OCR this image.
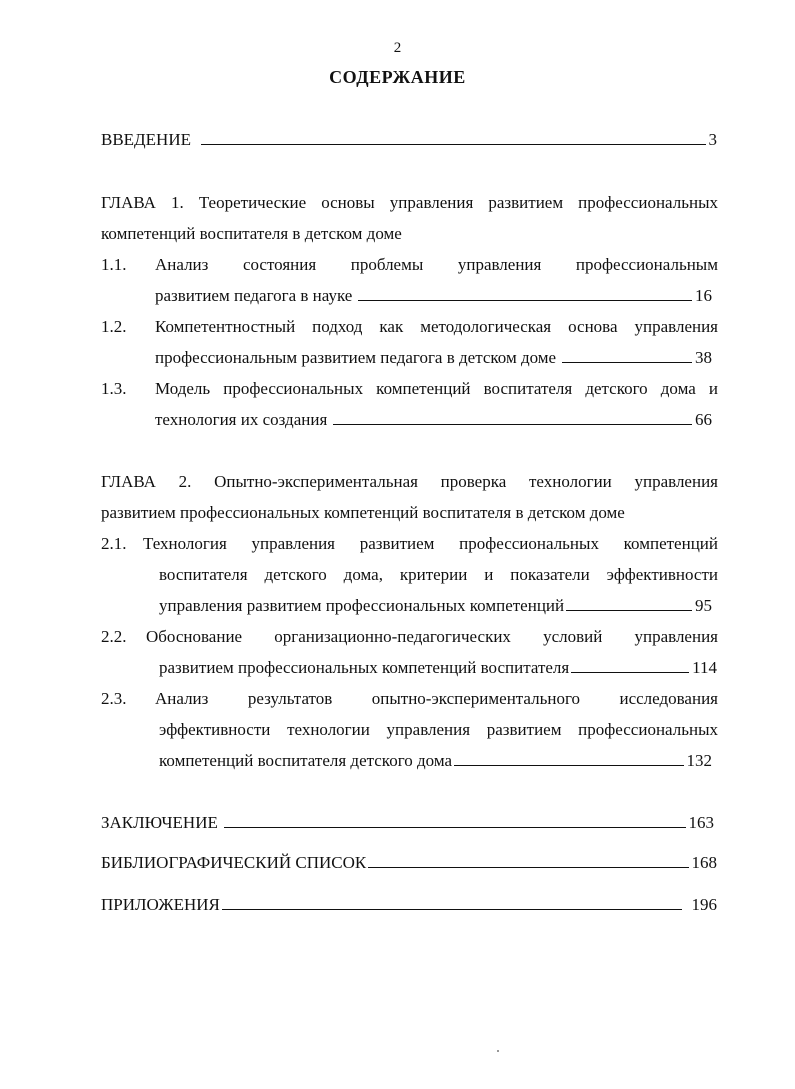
2
СОДЕРЖАНИЕ
ВВЕДЕНИЕ	3
ГЛАВА 1. Теоретические основы управления развитием профессиональных
компетенций воспитателя в детском доме
1.1. Анализ состояния проблемы управления профессиональным
развитием педагога в науке	16
1.2. Компетентностный подход как методологическая основа управления
профессиональным развитием педагога в детском доме	38
1.3. Модель профессиональных компетенций воспитателя детского дома и
технология их создания	66
ГЛАВА 2. Опытно-экспериментальная проверка технологии управления
развитием профессиональных компетенций воспитателя в детском доме
2.1. Технология управления развитием профессиональных компетенций
воспитателя детского дома, критерии и показатели эффективности
управления развитием профессиональных компетенций	95
2.2. Обоснование организационно-педагогических условий управления
развитием профессиональных компетенций воспитателя	114
2.3. Анализ результатов опытно-экспериментального исследования
эффективности технологии управления развитием профессиональных
компетенций воспитателя детского дома	132
ЗАКЛЮЧЕНИЕ	163
БИБЛИОГРАФИЧЕСКИЙ СПИСОК	168
ПРИЛОЖЕНИЯ	196
